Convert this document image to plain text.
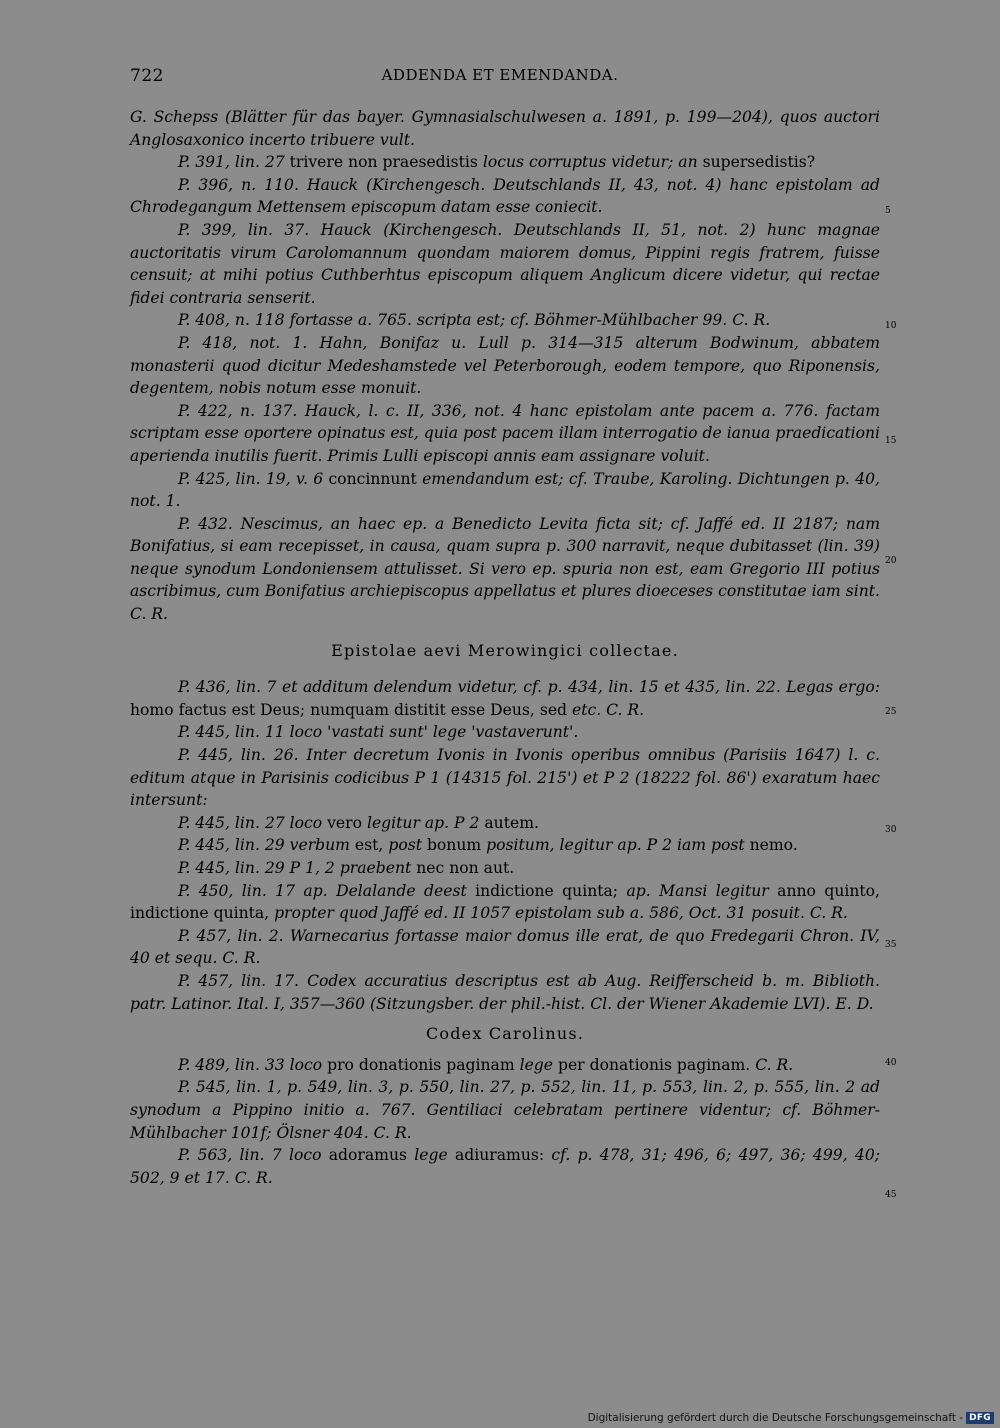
722	ADDENDA ET EMENDANDA.

G. Schepss (Blätter für das bayer. Gymnasialschulwesen a. 1891, p. 199—204), quos auctori Anglosaxonico incerto tribuere vult.

P. 391, lin. 27 trivere non praesedistis locus corruptus videtur; an supersedistis?

P. 396, n. 110. Hauck (Kirchengesch. Deutschlands II, 43, not. 4) hanc epistolam ad Chrodegangum Mettensem episcopum datam esse coniecit.

P. 399, lin. 37. Hauck (Kirchengesch. Deutschlands II, 51, not. 2) hunc magnae auctoritatis virum Carolomannum quondam maiorem domus, Pippini regis fratrem, fuisse censuit; at mihi potius Cuthberhtus episcopum aliquem Anglicum dicere videtur, qui rectae fidei contraria senserit.

P. 408, n. 118 fortasse a. 765. scripta est; cf. Böhmer-Mühlbacher 99. C. R.

P. 418, not. 1. Hahn, Bonifaz u. Lull p. 314—315 alterum Bodwinum, abbatem monasterii quod dicitur Medeshamstede vel Peterborough, eodem tempore, quo Riponensis, degentem, nobis notum esse monuit.

P. 422, n. 137. Hauck, l. c. II, 336, not. 4 hanc epistolam ante pacem a. 776. factam scriptam esse oportere opinatus est, quia post pacem illam interrogatio de ianua praedicationi aperienda inutilis fuerit. Primis Lulli episcopi annis eam assignare voluit.

P. 425, lin. 19, v. 6 concinnunt emendandum est; cf. Traube, Karoling. Dichtungen p. 40, not. 1.

P. 432. Nescimus, an haec ep. a Benedicto Levita ficta sit; cf. Jaffé ed. II 2187; nam Bonifatius, si eam recepisset, in causa, quam supra p. 300 narravit, neque dubitasset (lin. 39) neque synodum Londoniensem attulisset. Si vero ep. spuria non est, eam Gregorio III potius ascribimus, cum Bonifatius archiepiscopus appellatus et plures dioeceses constitutae iam sint. C. R.

Epistolae aevi Merowingici collectae.

P. 436, lin. 7 et additum delendum videtur, cf. p. 434, lin. 15 et 435, lin. 22. Legas ergo: homo factus est Deus; numquam distitit esse Deus, sed etc. C. R.

P. 445, lin. 11 loco 'vastati sunt' lege 'vastaverunt'.

P. 445, lin. 26. Inter decretum Ivonis in Ivonis operibus omnibus (Parisiis 1647) l. c. editum atque in Parisinis codicibus P 1 (14315 fol. 215') et P 2 (18222 fol. 86') exaratum haec intersunt:

P. 445, lin. 27 loco vero legitur ap. P 2 autem.

P. 445, lin. 29 verbum est, post bonum positum, legitur ap. P 2 iam post nemo.

P. 445, lin. 29 P 1, 2 praebent nec non aut.

P. 450, lin. 17 ap. Delalande deest indictione quinta; ap. Mansi legitur anno quinto, indictione quinta, propter quod Jaffé ed. II 1057 epistolam sub a. 586, Oct. 31 posuit. C. R.

P. 457, lin. 2. Warnecarius fortasse maior domus ille erat, de quo Fredegarii Chron. IV, 40 et sequ. C. R.

P. 457, lin. 17. Codex accuratius descriptus est ab Aug. Reifferscheid b. m. Biblioth. patr. Latinor. Ital. I, 357—360 (Sitzungsber. der phil.-hist. Cl. der Wiener Akademie LVI). E. D.

Codex Carolinus.

P. 489, lin. 33 loco pro donationis paginam lege per donationis paginam. C. R.

P. 545, lin. 1, p. 549, lin. 3, p. 550, lin. 27, p. 552, lin. 11, p. 553, lin. 2, p. 555, lin. 2 ad synodum a Pippino initio a. 767. Gentiliaci celebratam pertinere videntur; cf. Böhmer-Mühlbacher 101f; Ölsner 404. C. R.

P. 563, lin. 7 loco adoramus lege adiuramus: cf. p. 478, 31; 496, 6; 497, 36; 499, 40; 502, 9 et 17. C. R.

5
10
15
20
25
30
35
40
45
Digitalisierung gefördert durch die Deutsche Forschungsgemeinschaft - DFG
